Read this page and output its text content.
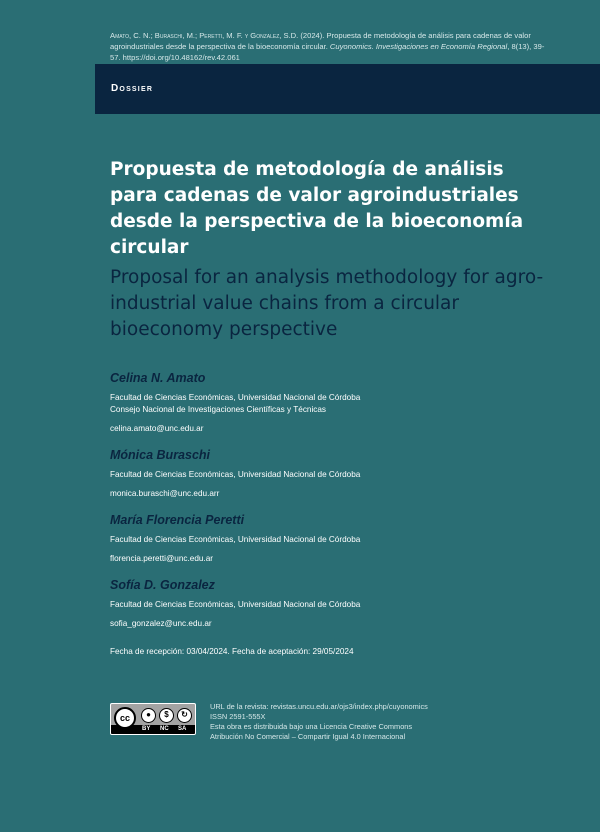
Amato, C. N.; Buraschi, M.; Peretti, M. F. y Gonzalez, S.D. (2024). Propuesta de metodología de análisis para cadenas de valor agroindustriales desde la perspectiva de la bioeconomía circular. Cuyonomics. Investigaciones en Economía Regional, 8(13), 39-57. https://doi.org/10.48162/rev.42.061
Dossier
Propuesta de metodología de análisis para cadenas de valor agroindustriales desde la perspectiva de la bioeconomía circular
Proposal for an analysis methodology for agro-industrial value chains from a circular bioeconomy perspective
Celina N. Amato
Facultad de Ciencias Económicas, Universidad Nacional de Córdoba
Consejo Nacional de Investigaciones Científicas y Técnicas
celina.amato@unc.edu.ar
Mónica Buraschi
Facultad de Ciencias Económicas, Universidad Nacional de Córdoba
monica.buraschi@unc.edu.arr
María Florencia Peretti
Facultad de Ciencias Económicas, Universidad Nacional de Córdoba
florencia.peretti@unc.edu.ar
Sofía D. Gonzalez
Facultad de Ciencias Económicas, Universidad Nacional de Córdoba
sofia_gonzalez@unc.edu.ar
Fecha de recepción: 03/04/2024. Fecha de aceptación: 29/05/2024
cc	●	$	↻
BY NC SA
URL de la revista: revistas.uncu.edu.ar/ojs3/index.php/cuyonomics
ISSN 2591-555X
Esta obra es distribuida bajo una Licencia Creative Commons
Atribución No Comercial – Compartir Igual 4.0 Internacional
